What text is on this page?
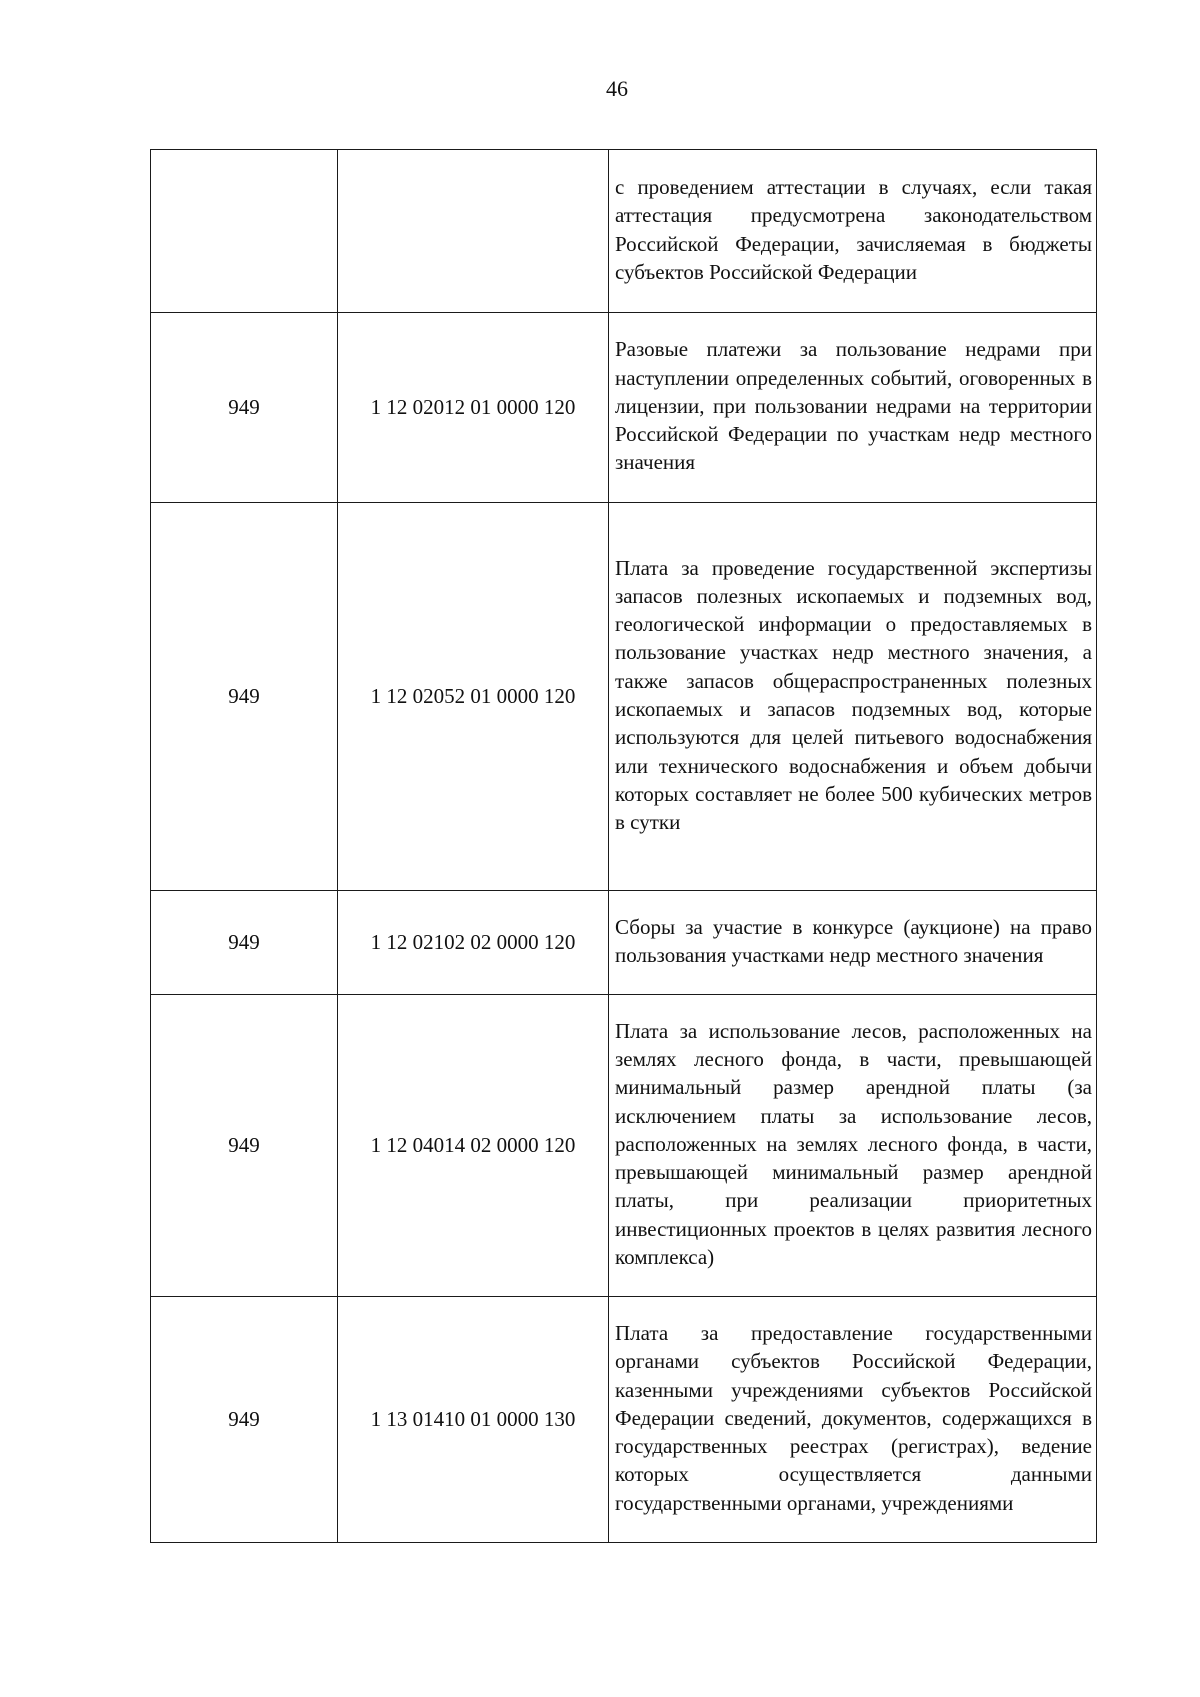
46
		с проведением аттестации в случаях, если такая аттестация предусмотрена законодательством Российской Федерации, зачисляемая в бюджеты субъектов Российской Федерации
949	1 12 02012 01 0000 120	Разовые платежи за пользование недрами при наступлении определенных событий, оговоренных в лицензии, при пользовании недрами на территории Российской Федерации по участкам недр местного значения
949	1 12 02052 01 0000 120	Плата за проведение государственной экспертизы запасов полезных ископаемых и подземных вод, геологической информации о предоставляемых в пользование участках недр местного значения, а также запасов общераспространенных полезных ископаемых и запасов подземных вод, которые используются для целей питьевого водоснабжения или технического водоснабжения и объем добычи которых составляет не более 500 кубических метров в сутки
949	1 12 02102 02 0000 120	Сборы за участие в конкурсе (аукционе) на право пользования участками недр местного значения
949	1 12 04014 02 0000 120	Плата за использование лесов, расположенных на землях лесного фонда, в части, превышающей минимальный размер арендной платы (за исключением платы за использование лесов, расположенных на землях лесного фонда, в части, превышающей минимальный размер арендной платы, при реализации приоритетных инвестиционных проектов в целях развития лесного комплекса)
949	1 13 01410 01 0000 130	Плата за предоставление государственными органами субъектов Российской Федерации, казенными учреждениями субъектов Российской Федерации сведений, документов, содержащихся в государственных реестрах (регистрах), ведение которых осуществляется данными государственными органами, учреждениями
